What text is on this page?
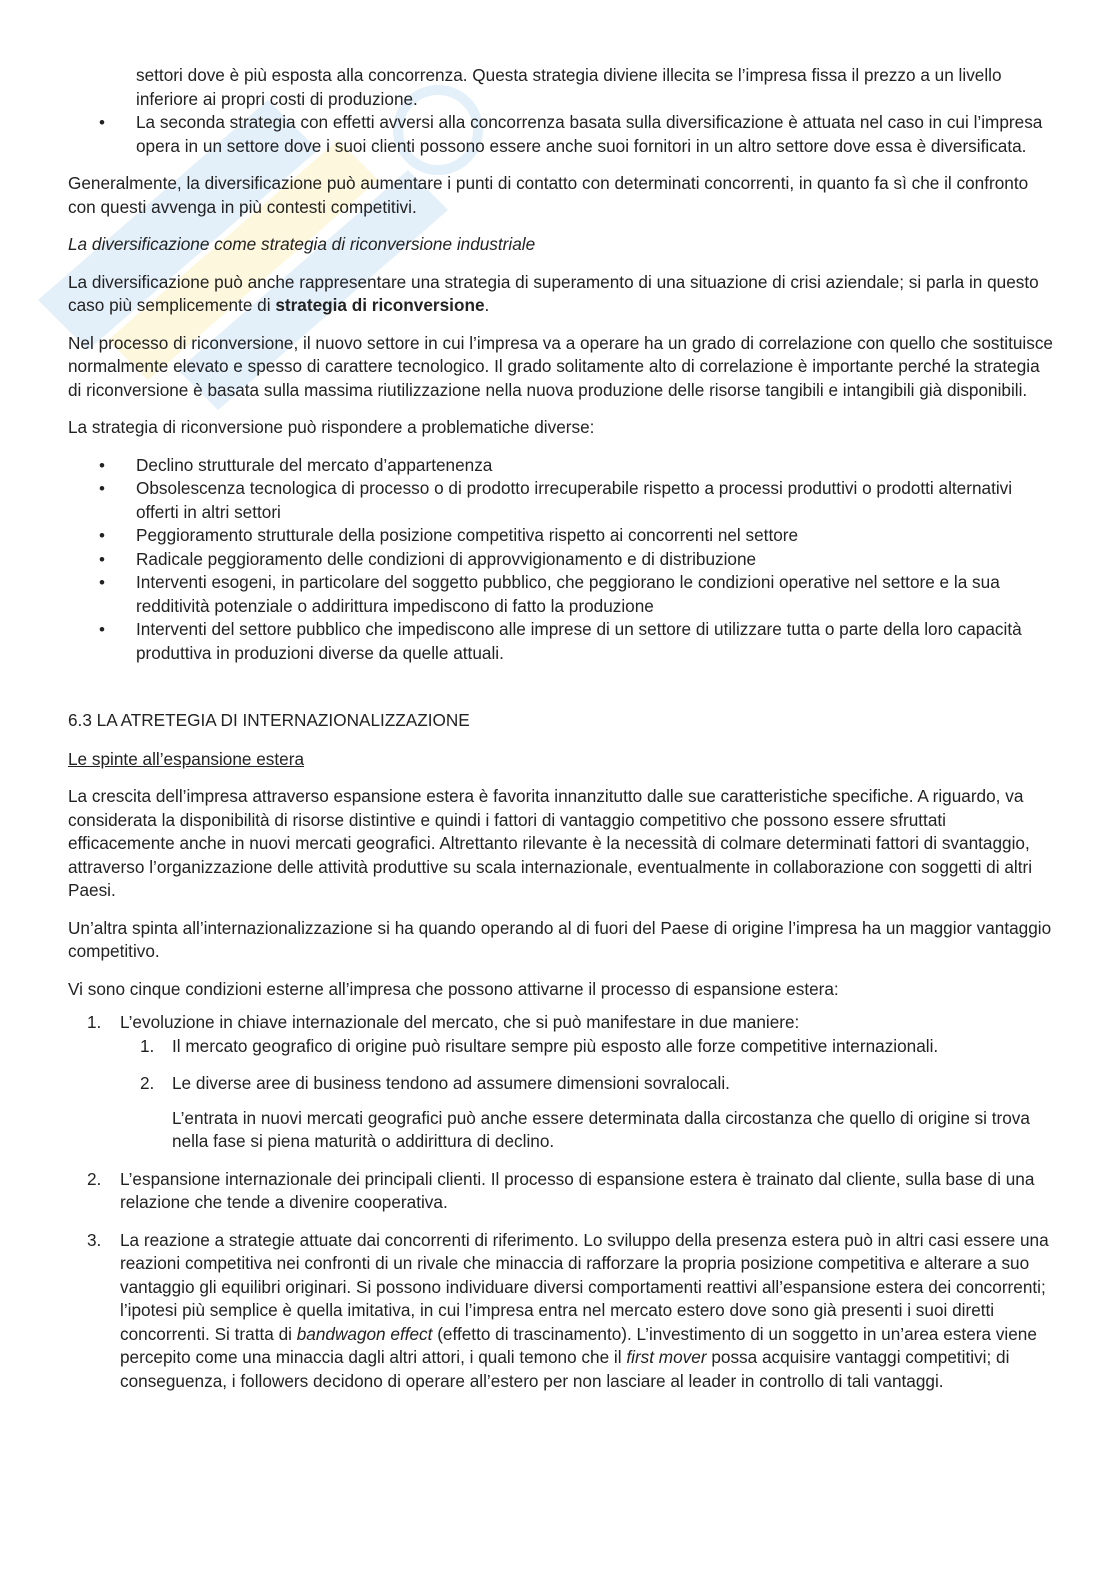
settori dove è più esposta alla concorrenza. Questa strategia diviene illecita se l’impresa fissa il prezzo a un livello inferiore ai propri costi di produzione.
• La seconda strategia con effetti avversi alla concorrenza basata sulla diversificazione è attuata nel caso in cui l’impresa opera in un settore dove i suoi clienti possono essere anche suoi fornitori in un altro settore dove essa è diversificata.

Generalmente, la diversificazione può aumentare i punti di contatto con determinati concorrenti, in quanto fa sì che il confronto con questi avvenga in più contesti competitivi.

La diversificazione come strategia di riconversione industriale

La diversificazione può anche rappresentare una strategia di superamento di una situazione di crisi aziendale; si parla in questo caso più semplicemente di strategia di riconversione.

Nel processo di riconversione, il nuovo settore in cui l’impresa va a operare ha un grado di correlazione con quello che sostituisce normalmente elevato e spesso di carattere tecnologico. Il grado solitamente alto di correlazione è importante perché la strategia di riconversione è basata sulla massima riutilizzazione nella nuova produzione delle risorse tangibili e intangibili già disponibili.

La strategia di riconversione può rispondere a problematiche diverse:

• Declino strutturale del mercato d’appartenenza
• Obsolescenza tecnologica di processo o di prodotto irrecuperabile rispetto a processi produttivi o prodotti alternativi offerti in altri settori
• Peggioramento strutturale della posizione competitiva rispetto ai concorrenti nel settore
• Radicale peggioramento delle condizioni di approvvigionamento e di distribuzione
• Interventi esogeni, in particolare del soggetto pubblico, che peggiorano le condizioni operative nel settore e la sua redditività potenziale o addirittura impediscono di fatto la produzione
• Interventi del settore pubblico che impediscono alle imprese di un settore di utilizzare tutta o parte della loro capacità produttiva in produzioni diverse da quelle attuali.

6.3 LA ATRETEGIA DI INTERNAZIONALIZZAZIONE

Le spinte all’espansione estera

La crescita dell’impresa attraverso espansione estera è favorita innanzitutto dalle sue caratteristiche specifiche. A riguardo, va considerata la disponibilità di risorse distintive e quindi i fattori di vantaggio competitivo che possono essere sfruttati efficacemente anche in nuovi mercati geografici. Altrettanto rilevante è la necessità di colmare determinati fattori di svantaggio, attraverso l’organizzazione delle attività produttive su scala internazionale, eventualmente in collaborazione con soggetti di altri Paesi.

Un’altra spinta all’internazionalizzazione si ha quando operando al di fuori del Paese di origine l’impresa ha un maggior vantaggio competitivo.

Vi sono cinque condizioni esterne all’impresa che possono attivarne il processo di espansione estera:

1. L’evoluzione in chiave internazionale del mercato, che si può manifestare in due maniere:
1. Il mercato geografico di origine può risultare sempre più esposto alle forze competitive internazionali.
2. Le diverse aree di business tendono ad assumere dimensioni sovralocali.

L’entrata in nuovi mercati geografici può anche essere determinata dalla circostanza che quello di origine si trova nella fase si piena maturità o addirittura di declino.

2. L’espansione internazionale dei principali clienti. Il processo di espansione estera è trainato dal cliente, sulla base di una relazione che tende a divenire cooperativa.
3. La reazione a strategie attuate dai concorrenti di riferimento. Lo sviluppo della presenza estera può in altri casi essere una reazioni competitiva nei confronti di un rivale che minaccia di rafforzare la propria posizione competitiva e alterare a suo vantaggio gli equilibri originari. Si possono individuare diversi comportamenti reattivi all’espansione estera dei concorrenti; l’ipotesi più semplice è quella imitativa, in cui l’impresa entra nel mercato estero dove sono già presenti i suoi diretti concorrenti. Si tratta di bandwagon effect (effetto di trascinamento). L’investimento di un soggetto in un’area estera viene percepito come una minaccia dagli altri attori, i quali temono che il first mover possa acquisire vantaggi competitivi; di conseguenza, i followers decidono di operare all’estero per non lasciare al leader in controllo di tali vantaggi.
